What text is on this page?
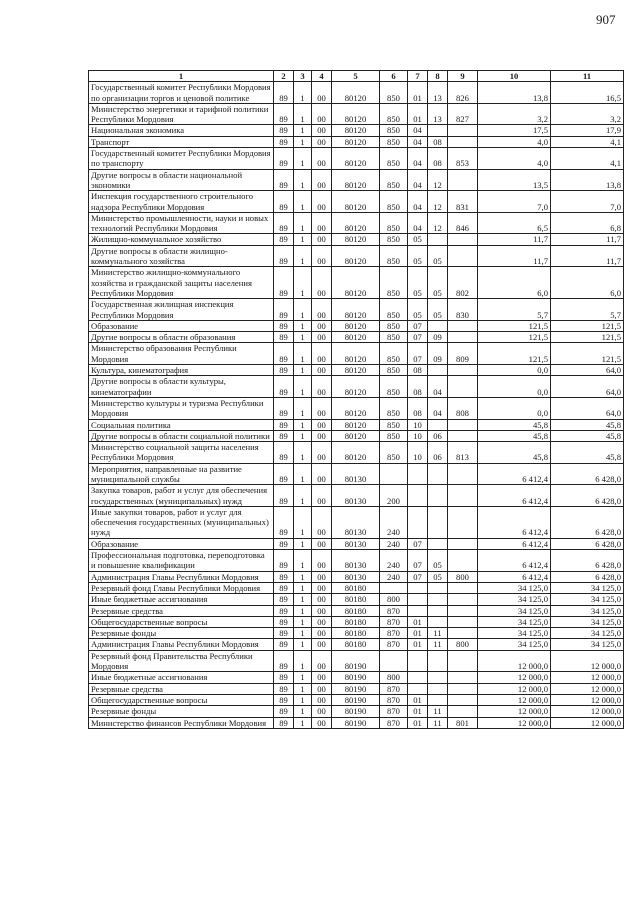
907
1	2	3	4	5	6	7	8	9	10	11
Государственный комитет Республики Мордовия по организации торгов и ценовой политике	89	1	00	80120	850	01	13	826	13,8	16,5
Министерство энергетики и тарифной политики Республики Мордовия	89	1	00	80120	850	01	13	827	3,2	3,2
Национальная экономика	89	1	00	80120	850	04			17,5	17,9
Транспорт	89	1	00	80120	850	04	08		4,0	4,1
Государственный комитет Республики Мордовия по транспорту	89	1	00	80120	850	04	08	853	4,0	4,1
Другие вопросы в области национальной экономики	89	1	00	80120	850	04	12		13,5	13,8
Инспекция государственного строительного надзора Республики Мордовия	89	1	00	80120	850	04	12	831	7,0	7,0
Министерство промышленности, науки и новых технологий Республики Мордовия	89	1	00	80120	850	04	12	846	6,5	6,8
Жилищно-коммунальное хозяйство	89	1	00	80120	850	05			11,7	11,7
Другие вопросы в области жилищно-коммунального хозяйства	89	1	00	80120	850	05	05		11,7	11,7
Министерство жилищно-коммунального хозяйства и гражданской защиты населения Республики Мордовия	89	1	00	80120	850	05	05	802	6,0	6,0
Государственная жилищная инспекция Республики Мордовия	89	1	00	80120	850	05	05	830	5,7	5,7
Образование	89	1	00	80120	850	07			121,5	121,5
Другие вопросы в области образования	89	1	00	80120	850	07	09		121,5	121,5
Министерство образования Республики Мордовия	89	1	00	80120	850	07	09	809	121,5	121,5
Культура, кинематография	89	1	00	80120	850	08			0,0	64,0
Другие вопросы в области культуры, кинематографии	89	1	00	80120	850	08	04		0,0	64,0
Министерство культуры и туризма Республики Мордовия	89	1	00	80120	850	08	04	808	0,0	64,0
Социальная политика	89	1	00	80120	850	10			45,8	45,8
Другие вопросы в области социальной политики	89	1	00	80120	850	10	06		45,8	45,8
Министерство социальной защиты населения Республики Мордовия	89	1	00	80120	850	10	06	813	45,8	45,8
Мероприятия, направленные на развитие муниципальной службы	89	1	00	80130					6 412,4	6 428,0
Закупка товаров, работ и услуг для обеспечения государственных (муниципальных) нужд	89	1	00	80130	200				6 412,4	6 428,0
Иные закупки товаров, работ и услуг для обеспечения государственных (муниципальных) нужд	89	1	00	80130	240				6 412,4	6 428,0
Образование	89	1	00	80130	240	07			6 412,4	6 428,0
Профессиональная подготовка, переподготовка и повышение квалификации	89	1	00	80130	240	07	05		6 412,4	6 428,0
Администрация Главы Республики Мордовия	89	1	00	80130	240	07	05	800	6 412,4	6 428,0
Резервный фонд Главы Республики Мордовия	89	1	00	80180					34 125,0	34 125,0
Иные бюджетные ассигнования	89	1	00	80180	800				34 125,0	34 125,0
Резервные средства	89	1	00	80180	870				34 125,0	34 125,0
Общегосударственные вопросы	89	1	00	80180	870	01			34 125,0	34 125,0
Резервные фонды	89	1	00	80180	870	01	11		34 125,0	34 125,0
Администрация Главы Республики Мордовия	89	1	00	80180	870	01	11	800	34 125,0	34 125,0
Резервный фонд Правительства Республики Мордовия	89	1	00	80190					12 000,0	12 000,0
Иные бюджетные ассигнования	89	1	00	80190	800				12 000,0	12 000,0
Резервные средства	89	1	00	80190	870				12 000,0	12 000,0
Общегосударственные вопросы	89	1	00	80190	870	01			12 000,0	12 000,0
Резервные фонды	89	1	00	80190	870	01	11		12 000,0	12 000,0
Министерство финансов Республики Мордовия	89	1	00	80190	870	01	11	801	12 000,0	12 000,0
